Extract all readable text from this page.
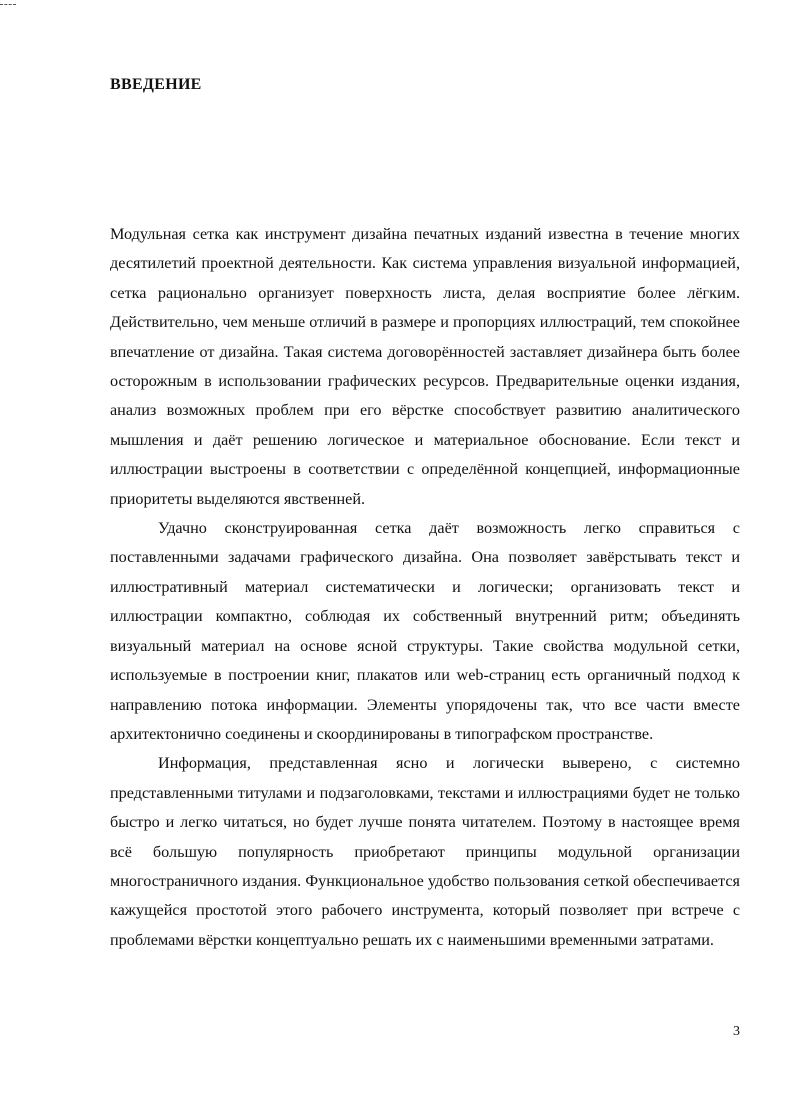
ВВЕДЕНИЕ

Модульная сетка как инструмент дизайна печатных изданий известна в течение многих десятилетий проектной деятельности. Как система управления визуальной информацией, сетка рационально организует поверхность листа, делая восприятие более лёгким. Действительно, чем меньше отличий в размере и пропорциях иллюстраций, тем спокойнее впечатление от дизайна. Такая система договорённостей заставляет дизайнера быть более осторожным в использовании графических ресурсов. Предварительные оценки издания, анализ возможных проблем при его вёрстке способствует развитию аналитического мышления и даёт решению логическое и материальное обоснование. Если текст и иллюстрации выстроены в соответствии с определённой концепцией, информационные приоритеты выделяются явственней.

Удачно сконструированная сетка даёт возможность легко справиться с поставленными задачами графического дизайна. Она позволяет завёрстывать текст и иллюстративный материал систематически и логически; организовать текст и иллюстрации компактно, соблюдая их собственный внутренний ритм; объединять визуальный материал на основе ясной структуры. Такие свойства модульной сетки, используемые в построении книг, плакатов или web-страниц есть органичный подход к направлению потока информации. Элементы упорядочены так, что все части вместе архитектонично соединены и скоординированы в типографском пространстве.

Информация, представленная ясно и логически выверено, с системно представленными титулами и подзаголовками, текстами и иллюстрациями будет не только быстро и легко читаться, но будет лучше понята читателем. Поэтому в настоящее время всё большую популярность приобретают принципы модульной организации многостраничного издания. Функциональное удобство пользования сеткой обеспечивается кажущейся простотой этого рабочего инструмента, который позволяет при встрече с проблемами вёрстки концептуально решать их с наименьшими временными затратами.

3
